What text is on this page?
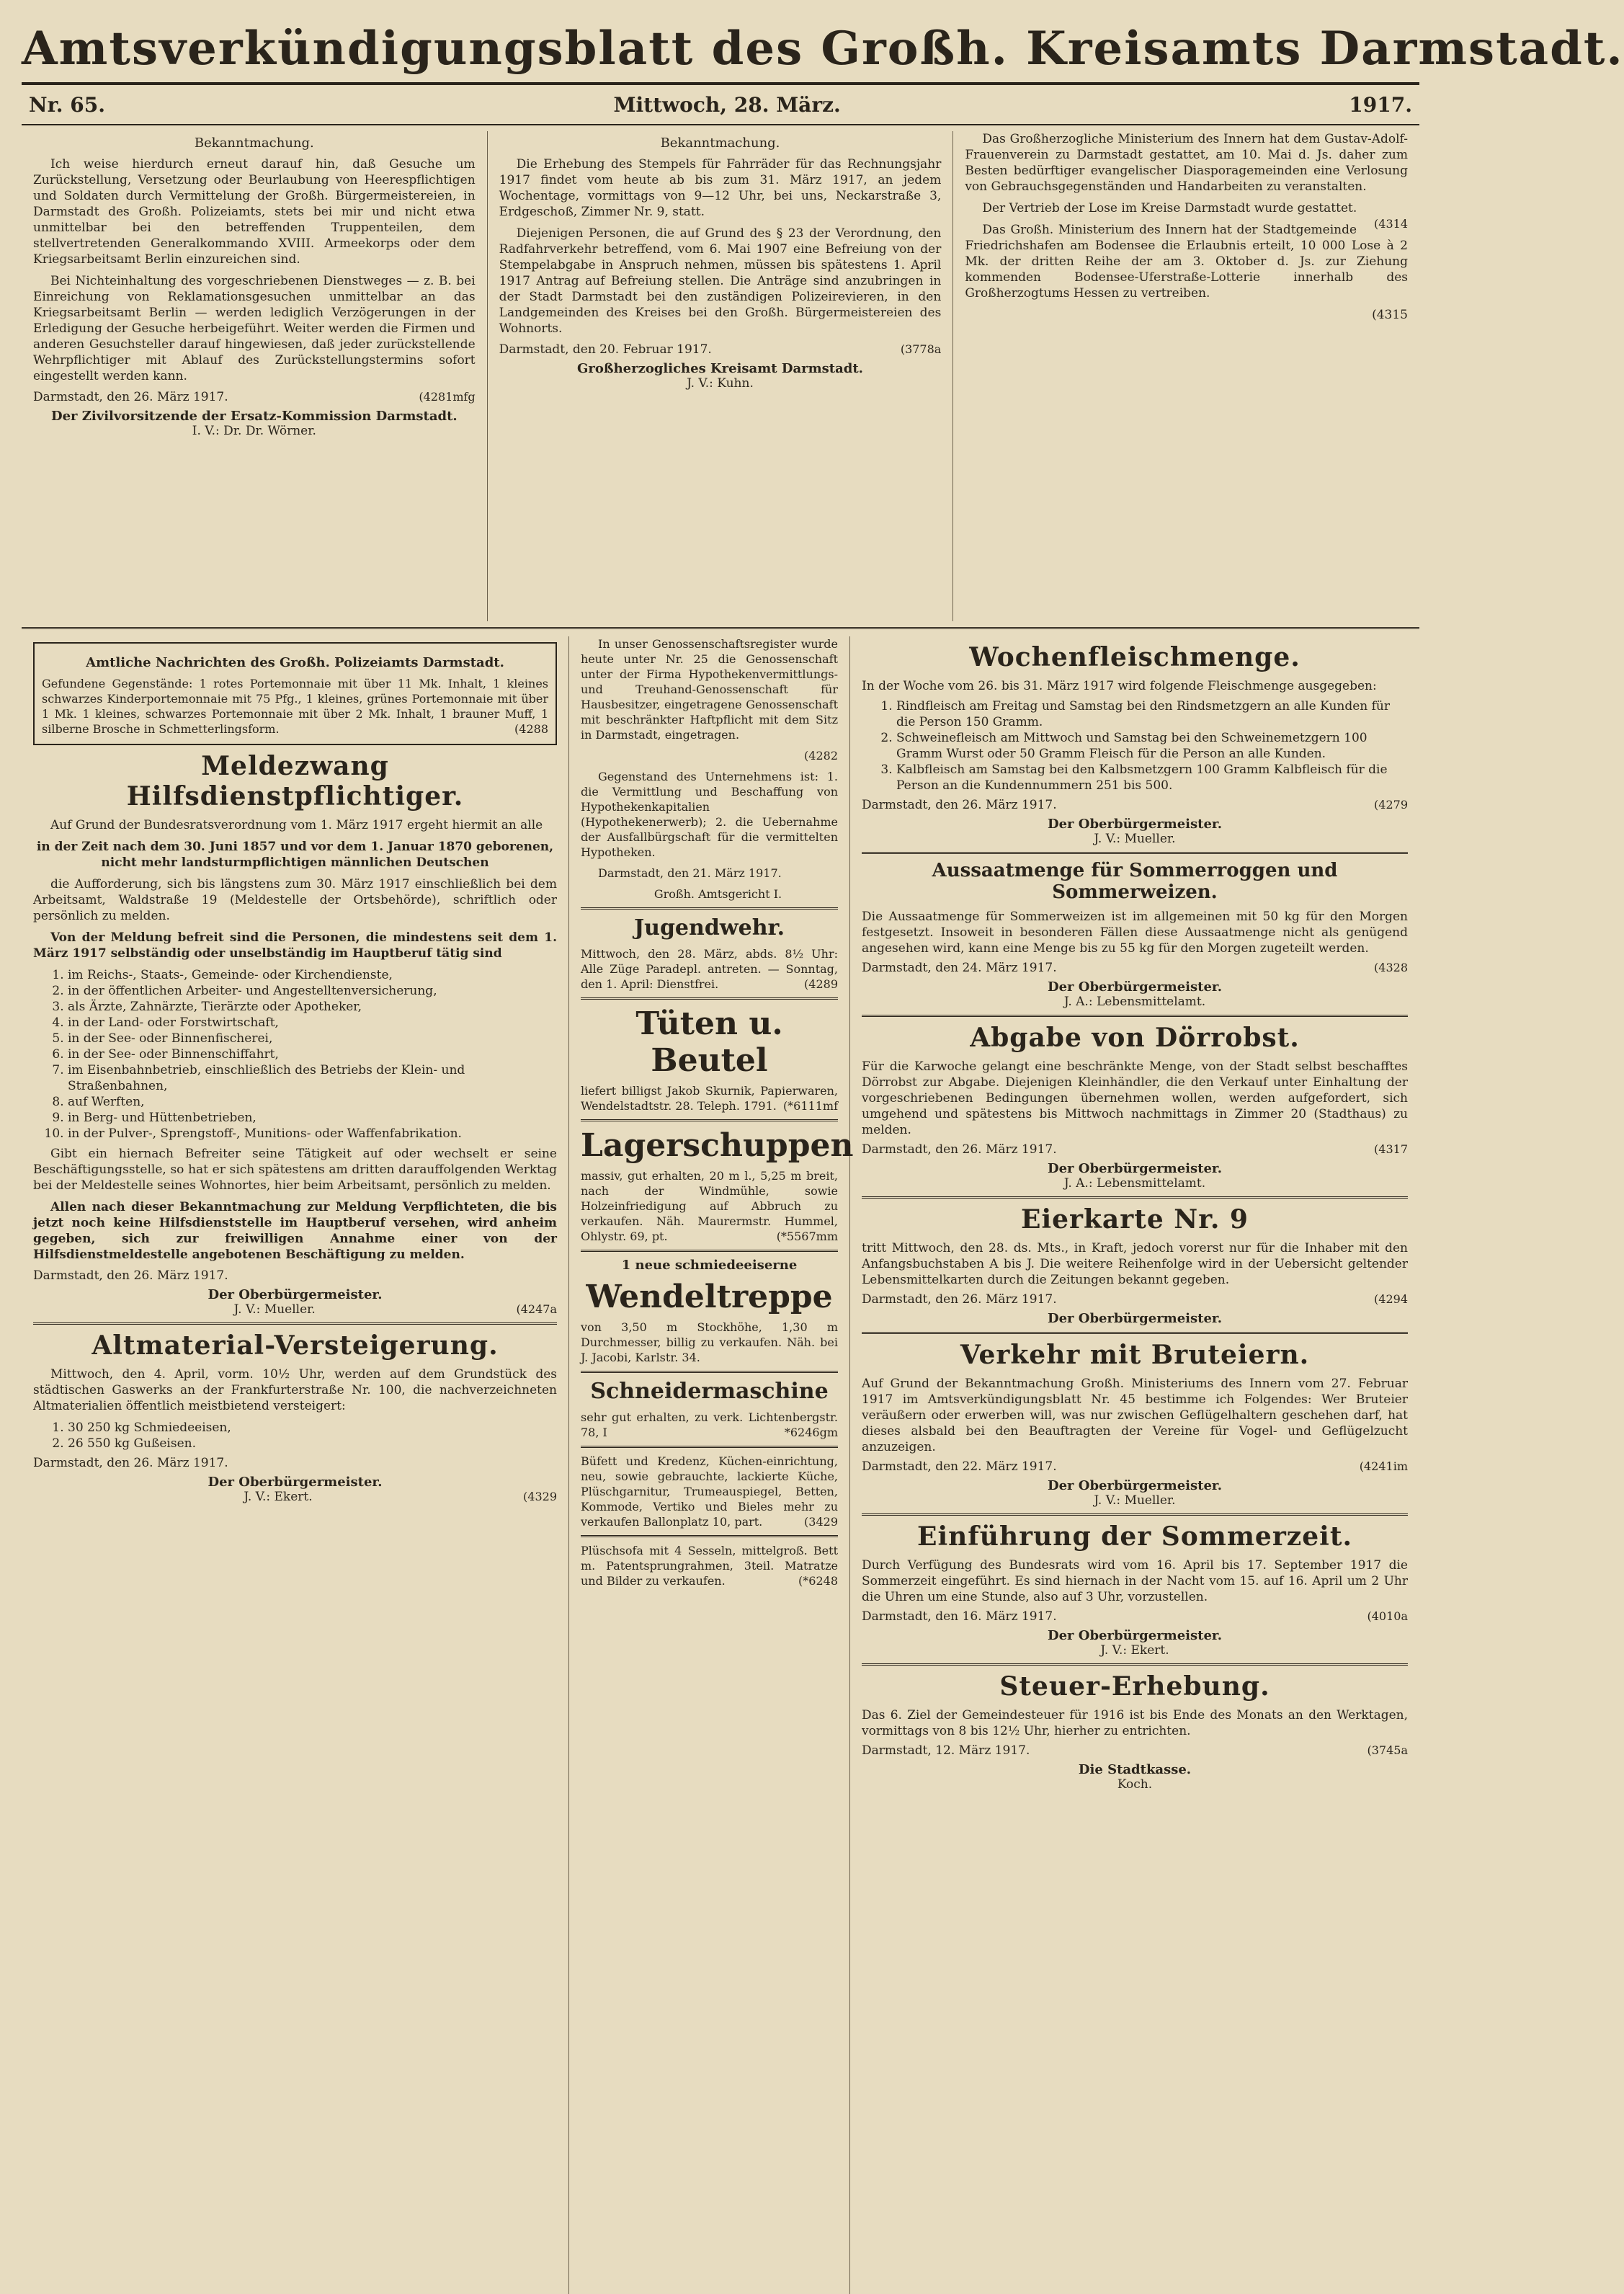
Amtsverkündigungsblatt des Großh. Kreisamts Darmstadt.
Nr. 65.	Mittwoch, 28. März.	1917.
Bekanntmachung.

Ich weise hierdurch erneut darauf hin, daß Gesuche um Zurückstellung, Versetzung oder Beurlaubung von Heerespflichtigen und Soldaten durch Vermittelung der Großh. Bürgermeistereien, in Darmstadt des Großh. Polizeiamts, stets bei mir und nicht etwa unmittelbar bei den betreffenden Truppenteilen, dem stellvertretenden Generalkommando XVIII. Armeekorps oder dem Kriegsarbeitsamt Berlin einzureichen sind.

Bei Nichteinhaltung des vorgeschriebenen Dienstweges — z. B. bei Einreichung von Reklamationsgesuchen unmittelbar an das Kriegsarbeitsamt Berlin — werden lediglich Verzögerungen in der Erledigung der Gesuche herbeigeführt. Weiter werden die Firmen und anderen Gesuchsteller darauf hingewiesen, daß jeder zurückstellende Wehrpflichtiger mit Ablauf des Zurückstellungstermins sofort eingestellt werden kann.

Darmstadt, den 26. März 1917.	(4281mfg
Der Zivilvorsitzende der Ersatz-Kommission Darmstadt.
I. V.: Dr. Dr. Wörner.
Bekanntmachung.

Die Erhebung des Stempels für Fahrräder für das Rechnungsjahr 1917 findet vom heute ab bis zum 31. März 1917, an jedem Wochentage, vormittags von 9—12 Uhr, bei uns, Neckarstraße 3, Erdgeschoß, Zimmer Nr. 9, statt.

Diejenigen Personen, die auf Grund des § 23 der Verordnung, den Radfahrverkehr betreffend, vom 6. Mai 1907 eine Befreiung von der Stempelabgabe in Anspruch nehmen, müssen bis spätestens 1. April 1917 Antrag auf Befreiung stellen. Die Anträge sind anzubringen in der Stadt Darmstadt bei den zuständigen Polizeirevieren, in den Landgemeinden des Kreises bei den Großh. Bürgermeistereien des Wohnorts.

Darmstadt, den 20. Februar 1917.	(3778a
Großherzogliches Kreisamt Darmstadt.
J. V.: Kuhn.

Das Großherzogliche Ministerium des Innern hat dem Gustav-Adolf-Frauenverein zu Darmstadt gestattet, am 10. Mai d. Js. daher zum Besten bedürftiger evangelischer Diasporagemeinden eine Verlosung von Gebrauchsgegenständen und Handarbeiten zu veranstalten.

Der Vertrieb der Lose im Kreise Darmstadt wurde gestattet.
(4314

Das Großh. Ministerium des Innern hat der Stadtgemeinde Friedrichshafen am Bodensee die Erlaubnis erteilt, 10 000 Lose à 2 Mk. der dritten Reihe der am 3. Oktober d. Js. zur Ziehung kommenden Bodensee-Uferstraße-Lotterie innerhalb des Großherzogtums Hessen zu vertreiben.

(4315

Amtliche Nachrichten des Großh. Polizeiamts Darmstadt.
Gefundene Gegenstände: 1 rotes Portemonnaie mit über 11 Mk. Inhalt, 1 kleines schwarzes Kinderportemonnaie mit 75 Pfg., 1 kleines, grünes Portemonnaie mit über 1 Mk. 1 kleines, schwarzes Portemonnaie mit über 2 Mk. Inhalt, 1 brauner Muff, 1 silberne Brosche in Schmetterlingsform.	(4288
Meldezwang Hilfsdienstpflichtiger.

Auf Grund der Bundesratsverordnung vom 1. März 1917 ergeht hiermit an alle

in der Zeit nach dem 30. Juni 1857 und vor dem 1. Januar 1870 geborenen, nicht mehr landsturmpflichtigen männlichen Deutschen

die Aufforderung, sich bis längstens zum 30. März 1917 einschließlich bei dem Arbeitsamt, Waldstraße 19 (Meldestelle der Ortsbehörde), schriftlich oder persönlich zu melden.

Von der Meldung befreit sind die Personen, die mindestens seit dem 1. März 1917 selbständig oder unselbständig im Hauptberuf tätig sind

1. im Reichs-, Staats-, Gemeinde- oder Kirchendienste,
2. in der öffentlichen Arbeiter- und Angestelltenversicherung,
3. als Ärzte, Zahnärzte, Tierärzte oder Apotheker,
4. in der Land- oder Forstwirtschaft,
5. in der See- oder Binnenfischerei,
6. in der See- oder Binnenschiffahrt,
7. im Eisenbahnbetrieb, einschließlich des Betriebs der Klein- und Straßenbahnen,
8. auf Werften,
9. in Berg- und Hüttenbetrieben,
10. in der Pulver-, Sprengstoff-, Munitions- oder Waffenfabrikation.

Gibt ein hiernach Befreiter seine Tätigkeit auf oder wechselt er seine Beschäftigungsstelle, so hat er sich spätestens am dritten darauffolgenden Werktag bei der Meldestelle seines Wohnortes, hier beim Arbeitsamt, persönlich zu melden.

Allen nach dieser Bekanntmachung zur Meldung Verpflichteten, die bis jetzt noch keine Hilfsdienststelle im Hauptberuf versehen, wird anheim gegeben, sich zur freiwilligen Annahme einer von der Hilfsdienstmeldestelle angebotenen Beschäftigung zu melden.

Darmstadt, den 26. März 1917.
Der Oberbürgermeister.
J. V.: Mueller.	(4247a
Altmaterial-Versteigerung.

Mittwoch, den 4. April, vorm. 10½ Uhr, werden auf dem Grundstück des städtischen Gaswerks an der Frankfurterstraße Nr. 100, die nachverzeichneten Altmaterialien öffentlich meistbietend versteigert:

1. 30 250 kg Schmiedeeisen,
2. 26 550 kg Gußeisen.
Darmstadt, den 26. März 1917.
Der Oberbürgermeister.
J. V.: Ekert.	(4329

In unser Genossenschaftsregister wurde heute unter Nr. 25 die Genossenschaft unter der Firma Hypothekenvermittlungs- und Treuhand-Genossenschaft für Hausbesitzer, eingetragene Genossenschaft mit beschränkter Haftpflicht mit dem Sitz in Darmstadt, eingetragen.

(4282

Gegenstand des Unternehmens ist: 1. die Vermittlung und Beschaffung von Hypothekenkapitalien (Hypothekenerwerb); 2. die Uebernahme der Ausfallbürgschaft für die vermittelten Hypotheken.

Darmstadt, den 21. März 1917.

Großh. Amtsgericht I.

Jugendwehr.
Mittwoch, den 28. März, abds. 8½ Uhr: Alle Züge Paradepl. antreten. — Sonntag, den 1. April: Dienstfrei.	(4289
Tüten u. Beutel
liefert billigst Jakob Skurnik, Papierwaren, Wendelstadtstr. 28. Teleph. 1791. (*6111mf
Lagerschuppen
massiv, gut erhalten, 20 m l., 5,25 m breit, nach der Windmühle, sowie Holzeinfriedigung auf Abbruch zu verkaufen. Näh. Maurermstr. Hummel, Ohlystr. 69, pt.	(*5567mm
1 neue schmiedeeiserne
Wendeltreppe
von 3,50 m Stockhöhe, 1,30 m Durchmesser, billig zu verkaufen. Näh. bei J. Jacobi, Karlstr. 34.
Schneidermaschine
sehr gut erhalten, zu verk. Lichtenbergstr. 78, I	*6246gm
Büfett und Kredenz, Küchen-einrichtung, neu, sowie gebrauchte, lackierte Küche, Plüschgarnitur, Trumeauspiegel, Betten, Kommode, Vertiko und Bieles mehr zu verkaufen Ballonplatz 10, part.	(3429
Plüschsofa mit 4 Sesseln, mittelgroß. Bett m. Patentsprungrahmen, 3teil. Matratze und Bilder zu verkaufen.	(*6248
Wochenfleischmenge.
In der Woche vom 26. bis 31. März 1917 wird folgende Fleischmenge ausgegeben:
1. Rindfleisch am Freitag und Samstag bei den Rindsmetzgern an alle Kunden für die Person 150 Gramm.
2. Schweinefleisch am Mittwoch und Samstag bei den Schweinemetzgern 100 Gramm Wurst oder 50 Gramm Fleisch für die Person an alle Kunden.
3. Kalbfleisch am Samstag bei den Kalbsmetzgern 100 Gramm Kalbfleisch für die Person an die Kundennummern 251 bis 500.
Darmstadt, den 26. März 1917.	(4279
Der Oberbürgermeister.
J. V.: Mueller.
Aussaatmenge für Sommerroggen und Sommerweizen.
Die Aussaatmenge für Sommerweizen ist im allgemeinen mit 50 kg für den Morgen festgesetzt. Insoweit in besonderen Fällen diese Aussaatmenge nicht als genügend angesehen wird, kann eine Menge bis zu 55 kg für den Morgen zugeteilt werden.
Darmstadt, den 24. März 1917.	(4328
Der Oberbürgermeister.
J. A.: Lebensmittelamt.
Abgabe von Dörrobst.
Für die Karwoche gelangt eine beschränkte Menge, von der Stadt selbst beschafftes Dörrobst zur Abgabe. Diejenigen Kleinhändler, die den Verkauf unter Einhaltung der vorgeschriebenen Bedingungen übernehmen wollen, werden aufgefordert, sich umgehend und spätestens bis Mittwoch nachmittags in Zimmer 20 (Stadthaus) zu melden.
Darmstadt, den 26. März 1917.	(4317
Der Oberbürgermeister.
J. A.: Lebensmittelamt.
Eierkarte Nr. 9
tritt Mittwoch, den 28. ds. Mts., in Kraft, jedoch vorerst nur für die Inhaber mit den Anfangsbuchstaben A bis J. Die weitere Reihenfolge wird in der Uebersicht geltender Lebensmittelkarten durch die Zeitungen bekannt gegeben.
Darmstadt, den 26. März 1917.	(4294
Der Oberbürgermeister.
Verkehr mit Bruteiern.
Auf Grund der Bekanntmachung Großh. Ministeriums des Innern vom 27. Februar 1917 im Amtsverkündigungsblatt Nr. 45 bestimme ich Folgendes: Wer Bruteier veräußern oder erwerben will, was nur zwischen Geflügelhaltern geschehen darf, hat dieses alsbald bei den Beauftragten der Vereine für Vogel- und Geflügelzucht anzuzeigen.
Darmstadt, den 22. März 1917.	(4241im
Der Oberbürgermeister.
J. V.: Mueller.
Einführung der Sommerzeit.
Durch Verfügung des Bundesrats wird vom 16. April bis 17. September 1917 die Sommerzeit eingeführt. Es sind hiernach in der Nacht vom 15. auf 16. April um 2 Uhr die Uhren um eine Stunde, also auf 3 Uhr, vorzustellen.
Darmstadt, den 16. März 1917.	(4010a
Der Oberbürgermeister.
J. V.: Ekert.
Steuer-Erhebung.
Das 6. Ziel der Gemeindesteuer für 1916 ist bis Ende des Monats an den Werktagen, vormittags von 8 bis 12½ Uhr, hierher zu entrichten.
Darmstadt, 12. März 1917.	(3745a
Die Stadtkasse.
Koch.
